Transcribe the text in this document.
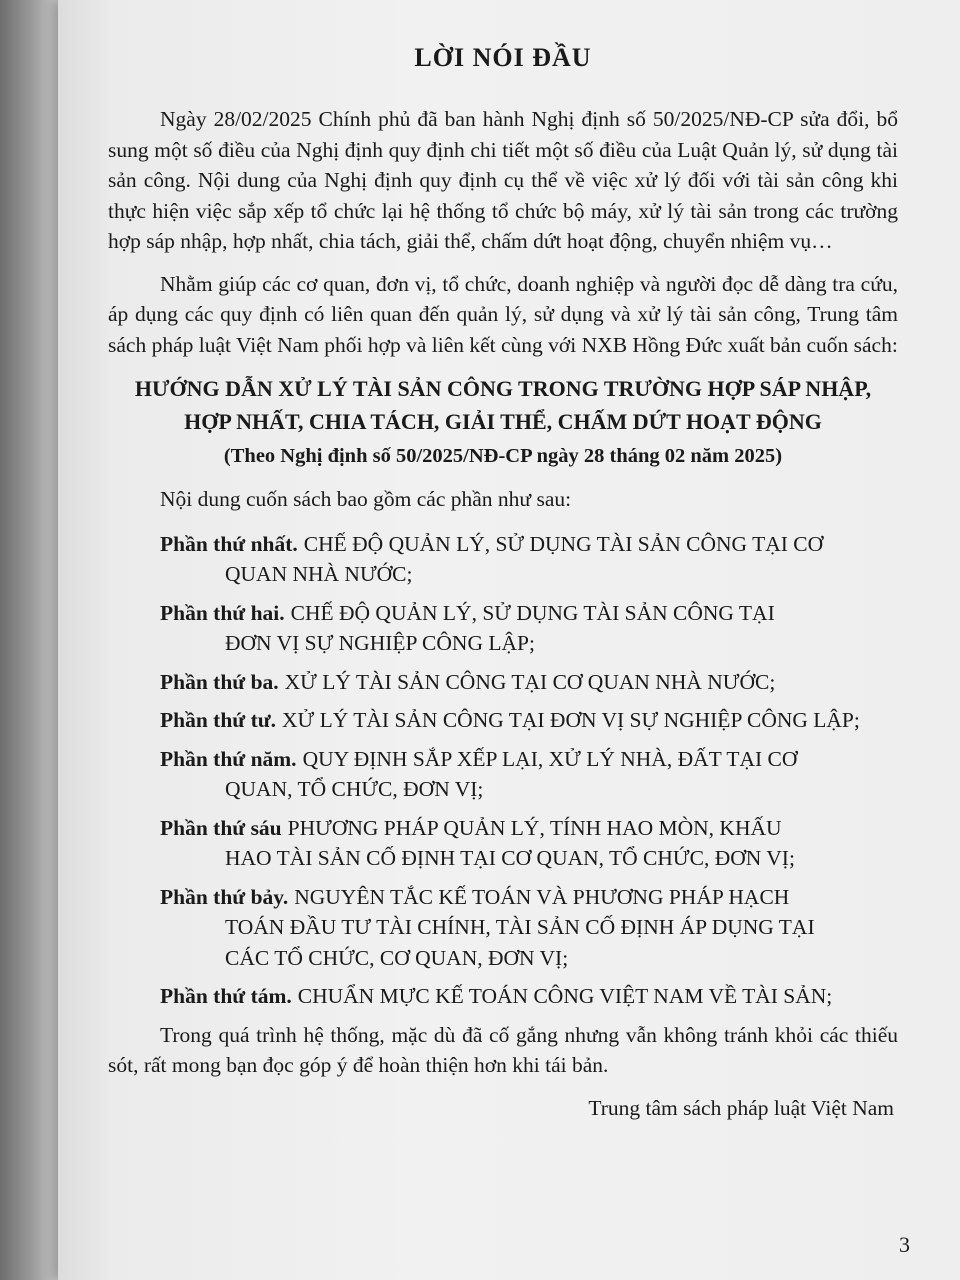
LỜI NÓI ĐẦU

Ngày 28/02/2025 Chính phủ đã ban hành Nghị định số 50/2025/NĐ-CP sửa đổi, bổ sung một số điều của Nghị định quy định chi tiết một số điều của Luật Quản lý, sử dụng tài sản công. Nội dung của Nghị định quy định cụ thể về việc xử lý đối với tài sản công khi thực hiện việc sắp xếp tổ chức lại hệ thống tổ chức bộ máy, xử lý tài sản trong các trường hợp sáp nhập, hợp nhất, chia tách, giải thể, chấm dứt hoạt động, chuyển nhiệm vụ…

Nhằm giúp các cơ quan, đơn vị, tổ chức, doanh nghiệp và người đọc dễ dàng tra cứu, áp dụng các quy định có liên quan đến quản lý, sử dụng và xử lý tài sản công, Trung tâm sách pháp luật Việt Nam phối hợp và liên kết cùng với NXB Hồng Đức xuất bản cuốn sách:

HƯỚNG DẪN XỬ LÝ TÀI SẢN CÔNG TRONG TRƯỜNG HỢP SÁP NHẬP,
HỢP NHẤT, CHIA TÁCH, GIẢI THỂ, CHẤM DỨT HOẠT ĐỘNG
(Theo Nghị định số 50/2025/NĐ-CP ngày 28 tháng 02 năm 2025)
Nội dung cuốn sách bao gồm các phần như sau:
Phần thứ nhất. CHẾ ĐỘ QUẢN LÝ, SỬ DỤNG TÀI SẢN CÔNG TẠI CƠ
QUAN NHÀ NƯỚC;
Phần thứ hai. CHẾ ĐỘ QUẢN LÝ, SỬ DỤNG TÀI SẢN CÔNG TẠI
ĐƠN VỊ SỰ NGHIỆP CÔNG LẬP;
Phần thứ ba. XỬ LÝ TÀI SẢN CÔNG TẠI CƠ QUAN NHÀ NƯỚC;
Phần thứ tư. XỬ LÝ TÀI SẢN CÔNG TẠI ĐƠN VỊ SỰ NGHIỆP CÔNG LẬP;
Phần thứ năm. QUY ĐỊNH SẮP XẾP LẠI, XỬ LÝ NHÀ, ĐẤT TẠI CƠ
QUAN, TỔ CHỨC, ĐƠN VỊ;
Phần thứ sáu PHƯƠNG PHÁP QUẢN LÝ, TÍNH HAO MÒN, KHẤU
HAO TÀI SẢN CỐ ĐỊNH TẠI CƠ QUAN, TỔ CHỨC, ĐƠN VỊ;
Phần thứ bảy. NGUYÊN TẮC KẾ TOÁN VÀ PHƯƠNG PHÁP HẠCH
TOÁN ĐẦU TƯ TÀI CHÍNH, TÀI SẢN CỐ ĐỊNH ÁP DỤNG TẠI
CÁC TỔ CHỨC, CƠ QUAN, ĐƠN VỊ;
Phần thứ tám. CHUẨN MỰC KẾ TOÁN CÔNG VIỆT NAM VỀ TÀI SẢN;

Trong quá trình hệ thống, mặc dù đã cố gắng nhưng vẫn không tránh khỏi các thiếu sót, rất mong bạn đọc góp ý để hoàn thiện hơn khi tái bản.

Trung tâm sách pháp luật Việt Nam
3
